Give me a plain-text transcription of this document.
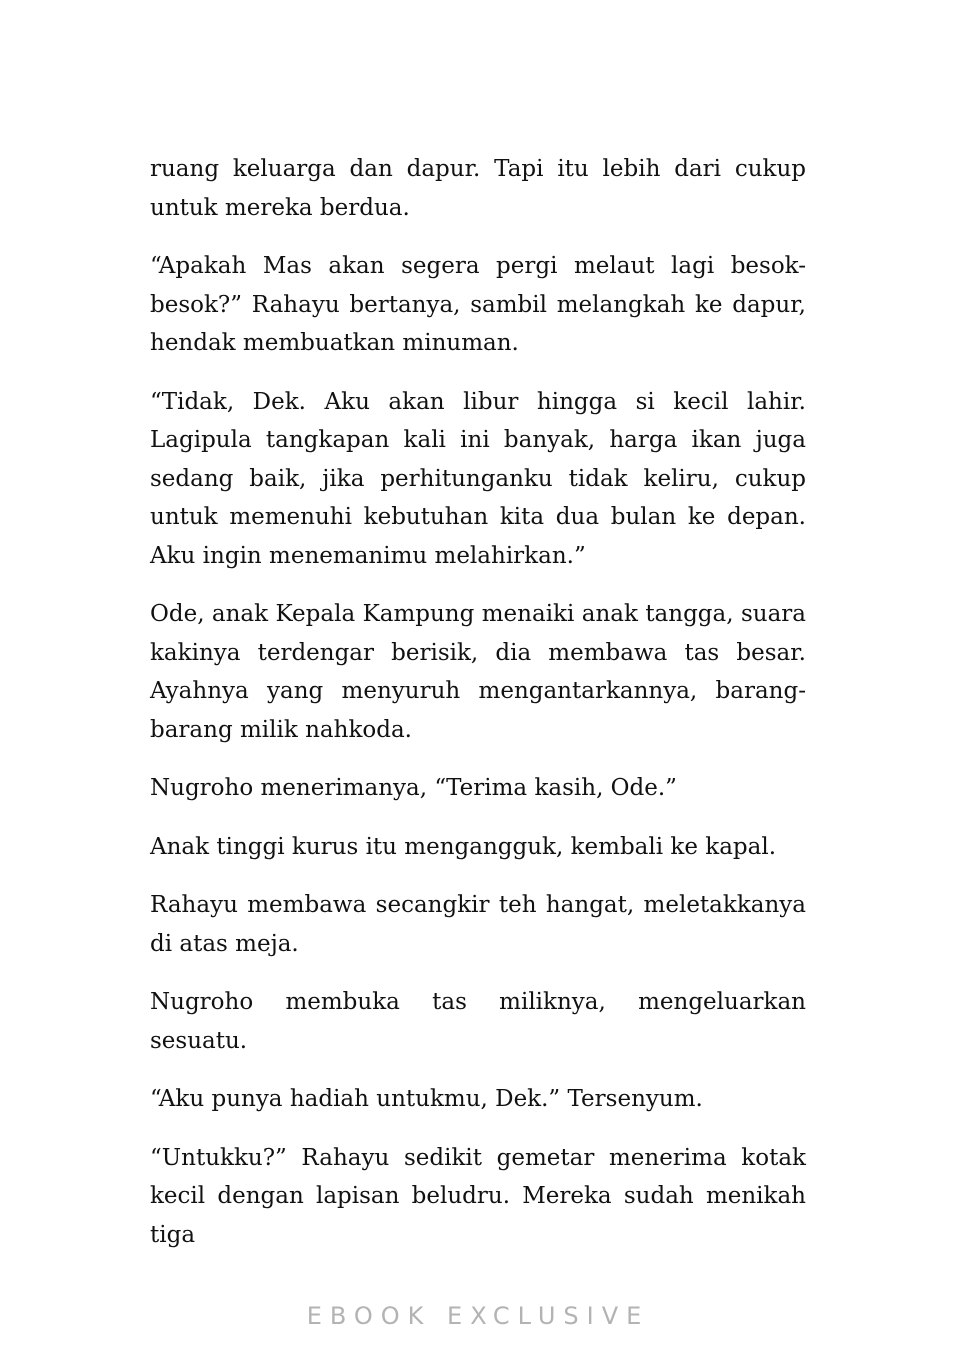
ruang keluarga dan dapur. Tapi itu lebih dari cukup untuk mereka berdua.

“Apakah Mas akan segera pergi melaut lagi besok-besok?” Rahayu bertanya, sambil melangkah ke dapur, hendak membuatkan minuman.

“Tidak, Dek. Aku akan libur hingga si kecil lahir. Lagipula tangkapan kali ini banyak, harga ikan juga sedang baik, jika perhitunganku tidak keliru, cukup untuk memenuhi kebutuhan kita dua bulan ke depan. Aku ingin menemanimu melahirkan.”

Ode, anak Kepala Kampung menaiki anak tangga, suara kakinya terdengar berisik, dia membawa tas besar. Ayahnya yang menyuruh mengantarkannya, barang-barang milik nahkoda.

Nugroho menerimanya, “Terima kasih, Ode.”

Anak tinggi kurus itu mengangguk, kembali ke kapal.

Rahayu membawa secangkir teh hangat, meletakkanya di atas meja.

Nugroho membuka tas miliknya, mengeluarkan sesuatu.

“Aku punya hadiah untukmu, Dek.” Tersenyum.

“Untukku?” Rahayu sedikit gemetar menerima kotak kecil dengan lapisan beludru. Mereka sudah menikah tiga

EBOOK EXCLUSIVE
